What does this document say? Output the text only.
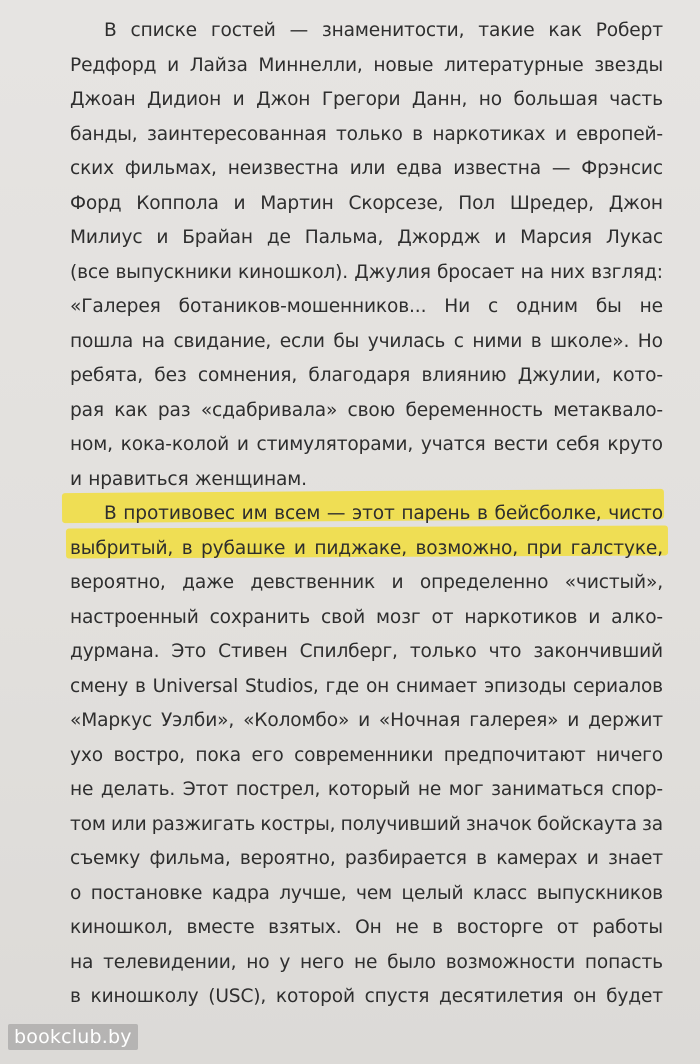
В списке гостей — знаменитости, такие как Роберт
Редфорд и Лайза Миннелли, новые литературные звезды
Джоан Дидион и Джон Грегори Данн, но большая часть
банды, заинтересованная только в наркотиках и европей-
ских фильмах, неизвестна или едва известна — Фрэнсис
Форд Коппола и Мартин Скорсезе, Пол Шредер, Джон
Милиус и Брайан де Пальма, Джордж и Марсия Лукас
(все выпускники киношкол). Джулия бросает на них взгляд:
«Галерея ботаников-мошенников... Ни с одним бы не
пошла на свидание, если бы училась с ними в школе». Но
ребята, без сомнения, благодаря влиянию Джулии, кото-
рая как раз «сдабривала» свою беременность метаквало-
ном, кока-колой и стимуляторами, учатся вести себя круто
и нравиться женщинам.
В противовес им всем — этот парень в бейсболке, чисто
выбритый, в рубашке и пиджаке, возможно, при галстуке,
вероятно, даже девственник и определенно «чистый»,
настроенный сохранить свой мозг от наркотиков и алко-
дурмана. Это Стивен Спилберг, только что закончивший
смену в Universal Studios, где он снимает эпизоды сериалов
«Маркус Уэлби», «Коломбо» и «Ночная галерея» и держит
ухо востро, пока его современники предпочитают ничего
не делать. Этот пострел, который не мог заниматься спор-
том или разжигать костры, получивший значок бойскаута за
съемку фильма, вероятно, разбирается в камерах и знает
о постановке кадра лучше, чем целый класс выпускников
киношкол, вместе взятых. Он не в восторге от работы
на телевидении, но у него не было возможности попасть
в киношколу (USC), которой спустя десятилетия он будет
bookclub.by
